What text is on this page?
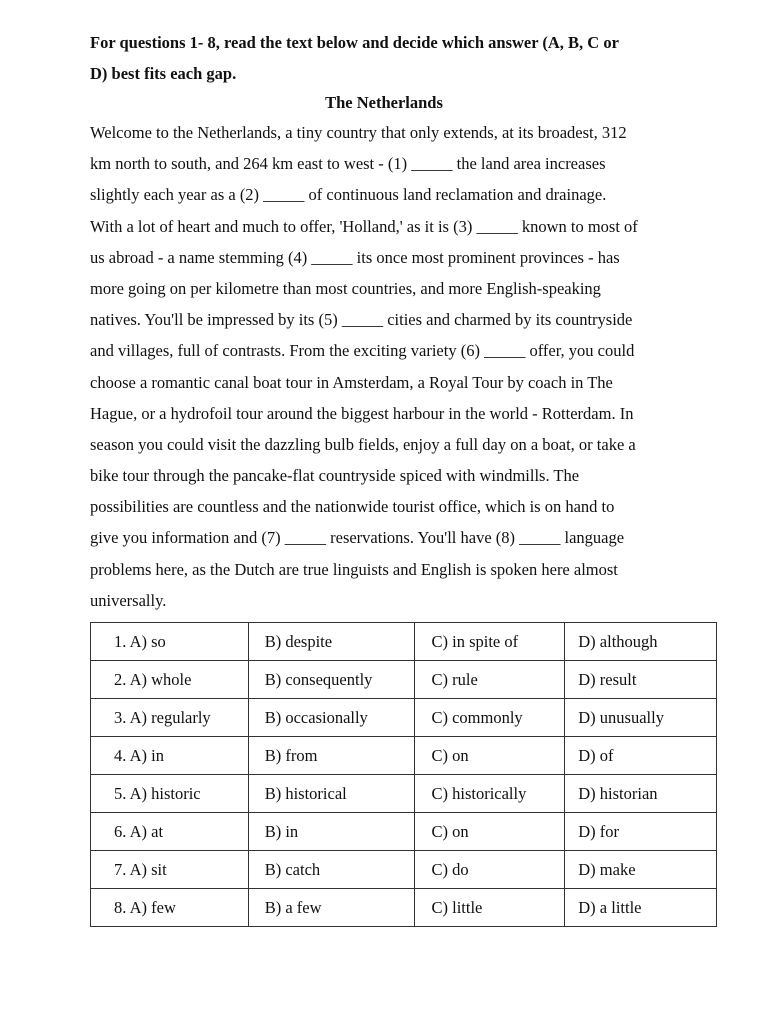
For questions 1- 8, read the text below and decide which answer (A, B, C or
D) best fits each gap.
The Netherlands
Welcome to the Netherlands, a tiny country that only extends, at its broadest, 312
km north to south, and 264 km east to west - (1) _____ the land area increases
slightly each year as a (2) _____ of continuous land reclamation and drainage.
With a lot of heart and much to offer, 'Holland,' as it is (3) _____ known to most of
us abroad - a name stemming (4) _____ its once most prominent provinces - has
more going on per kilometre than most countries, and more English-speaking
natives. You'll be impressed by its (5) _____ cities and charmed by its countryside
and villages, full of contrasts. From the exciting variety (6) _____ offer, you could
choose a romantic canal boat tour in Amsterdam, a Royal Tour by coach in The
Hague, or a hydrofoil tour around the biggest harbour in the world - Rotterdam. In
season you could visit the dazzling bulb fields, enjoy a full day on a boat, or take a
bike tour through the pancake-flat countryside spiced with windmills. The
possibilities are countless and the nationwide tourist office, which is on hand to
give you information and (7) _____ reservations. You'll have (8) _____ language
problems here, as the Dutch are true linguists and English is spoken here almost
universally.
1. A) so	B) despite	C) in spite of	D) although
2. A) whole	B) consequently	C) rule	D) result
3. A) regularly	B) occasionally	C) commonly	D) unusually
4. A) in	B) from	C) on	D) of
5. A) historic	B) historical	C) historically	D) historian
6. A) at	B) in	C) on	D) for
7. A) sit	B) catch	C) do	D) make
8. A) few	B) a few	C) little	D) a little
